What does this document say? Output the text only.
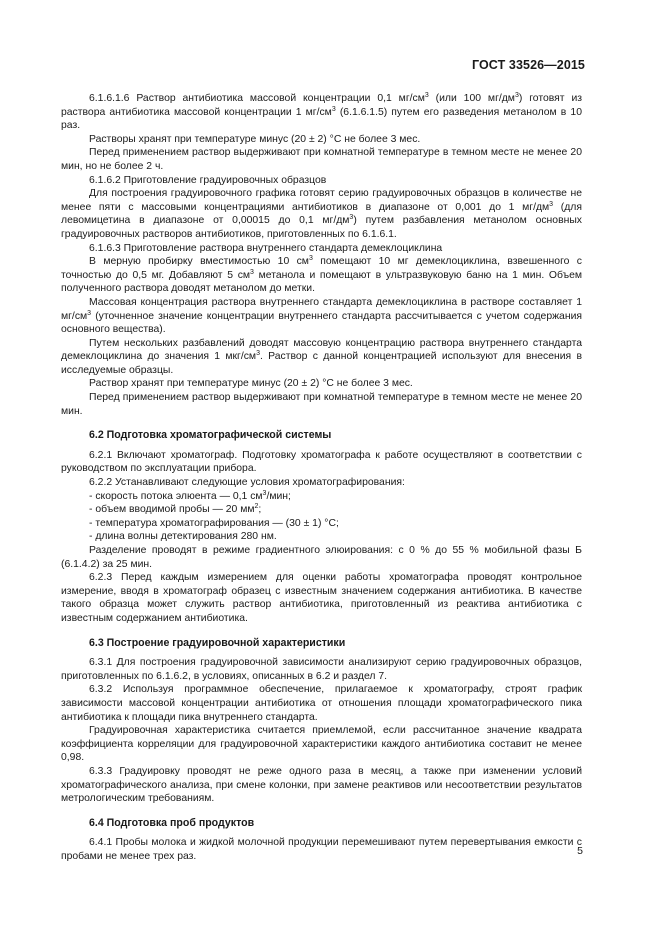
ГОСТ 33526—2015
6.1.6.1.6 Раствор антибиотика массовой концентрации 0,1 $мг/см^3$ (или 100 $мг/дм^3$) готовят из раствора антибиотика массовой концентрации 1 $мг/см^3$ (6.1.6.1.5) путем его разведения метанолом в 10 раз.
Растворы хранят при температуре минус (20 ± 2) °C не более 3 мес.
Перед применением раствор выдерживают при комнатной температуре в темном месте не менее 20 мин, но не более 2 ч.
6.1.6.2 Приготовление градуировочных образцов
Для построения градуировочного графика готовят серию градуировочных образцов в количестве не менее пяти с массовыми концентрациями антибиотиков в диапазоне от 0,001 до 1 $мг/дм^3$ (для левомицетина в диапазоне от 0,00015 до 0,1 $мг/дм^3$) путем разбавления метанолом основных градуировочных растворов антибиотиков, приготовленных по 6.1.6.1.
6.1.6.3 Приготовление раствора внутреннего стандарта демеклоциклина
В мерную пробирку вместимостью 10 $см^3$ помещают 10 мг демеклоциклина, взвешенного с точностью до 0,5 мг. Добавляют 5 $см^3$ метанола и помещают в ультразвуковую баню на 1 мин. Объем полученного раствора доводят метанолом до метки.
Массовая концентрация раствора внутреннего стандарта демеклоциклина в растворе составляет 1 $мг/см^3$ (уточненное значение концентрации внутреннего стандарта рассчитывается с учетом содержания основного вещества).
Путем нескольких разбавлений доводят массовую концентрацию раствора внутреннего стандарта демеклоциклина до значения 1 мкг/$см^3$. Раствор с данной концентрацией используют для внесения в исследуемые образцы.
Раствор хранят при температуре минус (20 ± 2) °C не более 3 мес.
Перед применением раствор выдерживают при комнатной температуре в темном месте не менее 20 мин.
6.2 Подготовка хроматографической системы
6.2.1 Включают хроматограф. Подготовку хроматографа к работе осуществляют в соответствии с руководством по эксплуатации прибора.
6.2.2 Устанавливают следующие условия хроматографирования:
- скорость потока элюента — 0,1 $см^3$/мин;
- объем вводимой пробы — 20 $мм^2$;
- температура хроматографирования — (30 ± 1) °C;
- длина волны детектирования 280 нм.
Разделение проводят в режиме градиентного элюирования: с 0 % до 55 % мобильной фазы Б (6.1.4.2) за 25 мин.
6.2.3 Перед каждым измерением для оценки работы хроматографа проводят контрольное измерение, вводя в хроматограф образец с известным значением содержания антибиотика. В качестве такого образца может служить раствор антибиотика, приготовленный из реактива антибиотика с известным содержанием антибиотика.
6.3 Построение градуировочной характеристики
6.3.1 Для построения градуировочной зависимости анализируют серию градуировочных образцов, приготовленных по 6.1.6.2, в условиях, описанных в 6.2 и раздел 7.
6.3.2 Используя программное обеспечение, прилагаемое к хроматографу, строят график зависимости массовой концентрации антибиотика от отношения площади хроматографического пика антибиотика к площади пика внутреннего стандарта.
Градуировочная характеристика считается приемлемой, если рассчитанное значение квадрата коэффициента корреляции для градуировочной характеристики каждого антибиотика составит не менее 0,98.
6.3.3 Градуировку проводят не реже одного раза в месяц, а также при изменении условий хроматографического анализа, при смене колонки, при замене реактивов или несоответствии результатов метрологическим требованиям.
6.4 Подготовка проб продуктов
6.4.1 Пробы молока и жидкой молочной продукции перемешивают путем перевертывания емкости с пробами не менее трех раз.	5
